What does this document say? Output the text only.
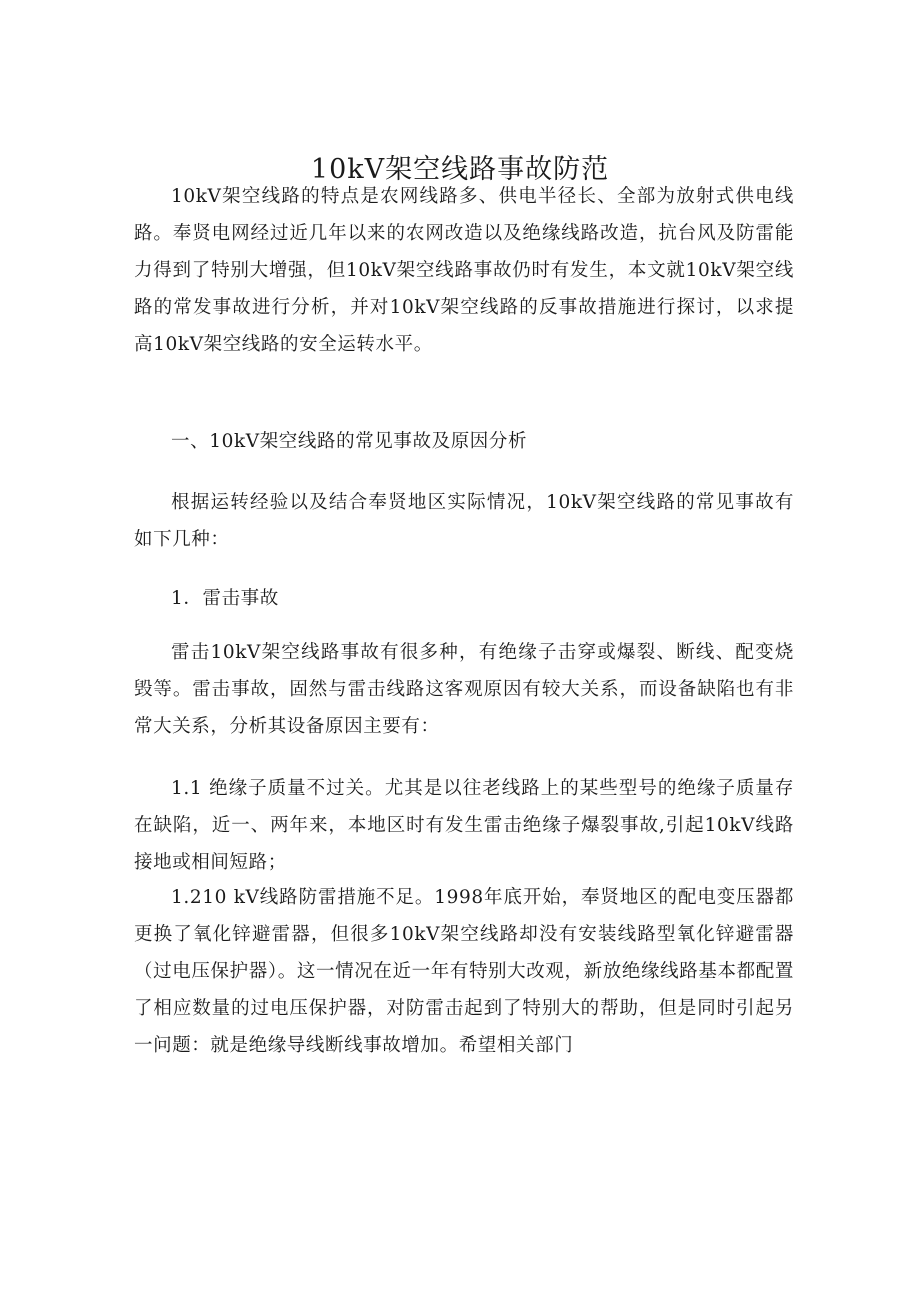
10kV架空线路事故防范

10kV架空线路的特点是农网线路多、供电半径长、全部为放射式供电线路。奉贤电网经过近几年以来的农网改造以及绝缘线路改造，抗台风及防雷能力得到了特别大增强，但10kV架空线路事故仍时有发生，本文就10kV架空线路的常发事故进行分析，并对10kV架空线路的反事故措施进行探讨，以求提高10kV架空线路的安全运转水平。

一、10kV架空线路的常见事故及原因分析

根据运转经验以及结合奉贤地区实际情况，10kV架空线路的常见事故有如下几种：

1．雷击事故

雷击10kV架空线路事故有很多种，有绝缘子击穿或爆裂、断线、配变烧毁等。雷击事故，固然与雷击线路这客观原因有较大关系，而设备缺陷也有非常大关系，分析其设备原因主要有：

1.1 绝缘子质量不过关。尤其是以往老线路上的某些型号的绝缘子质量存在缺陷，近一、两年来，本地区时有发生雷击绝缘子爆裂事故,引起10kV线路接地或相间短路；

1.210 kV线路防雷措施不足。1998年底开始，奉贤地区的配电变压器都更换了氧化锌避雷器，但很多10kV架空线路却没有安装线路型氧化锌避雷器（过电压保护器）。这一情况在近一年有特别大改观，新放绝缘线路基本都配置了相应数量的过电压保护器，对防雷击起到了特别大的帮助，但是同时引起另一问题：就是绝缘导线断线事故增加。希望相关部门
